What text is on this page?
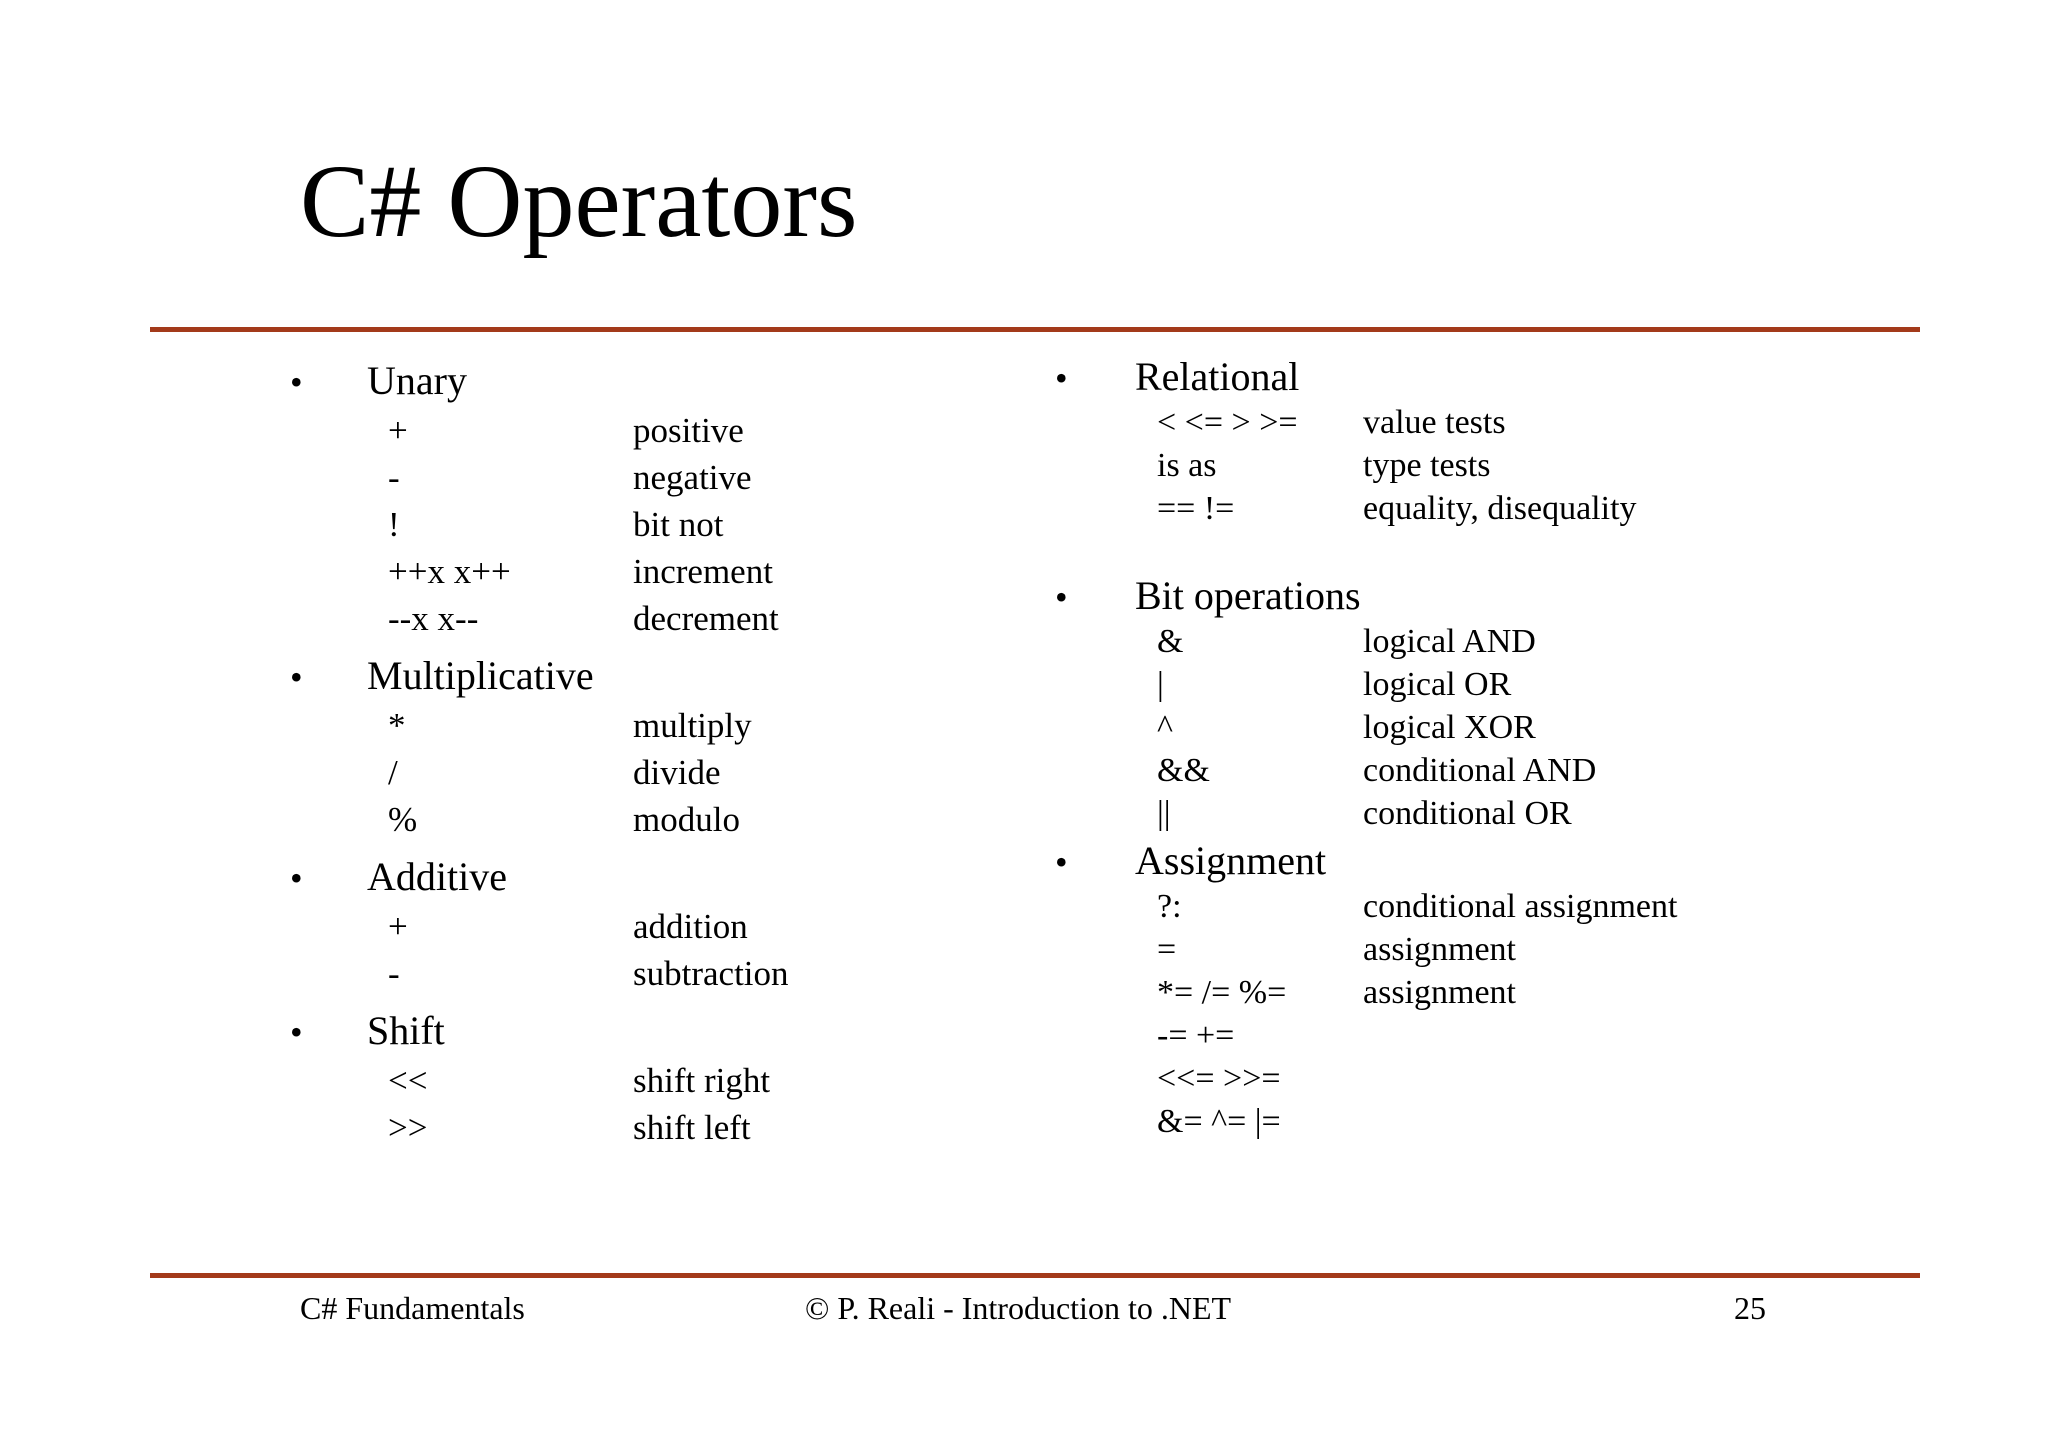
C# Operators
•	Unary
+	positive
-	negative
!	bit not
++x x++	increment
--x x--	decrement
•	Multiplicative
*	multiply
/	divide
%	modulo
•	Additive
+	addition
-	subtraction
•	Shift
<<	shift right
>>	shift left
•	Relational
< <= > >=	value tests
is as	type tests
== !=	equality, disequality
•	Bit operations
&	logical AND
|	logical OR
^	logical XOR
&&	conditional AND
||	conditional OR
•	Assignment
?:	conditional assignment
=	assignment
*= /= %=	assignment
-= +=
<<= >>=
&= ^= |=
C# Fundamentals	© P. Reali - Introduction to .NET	25
